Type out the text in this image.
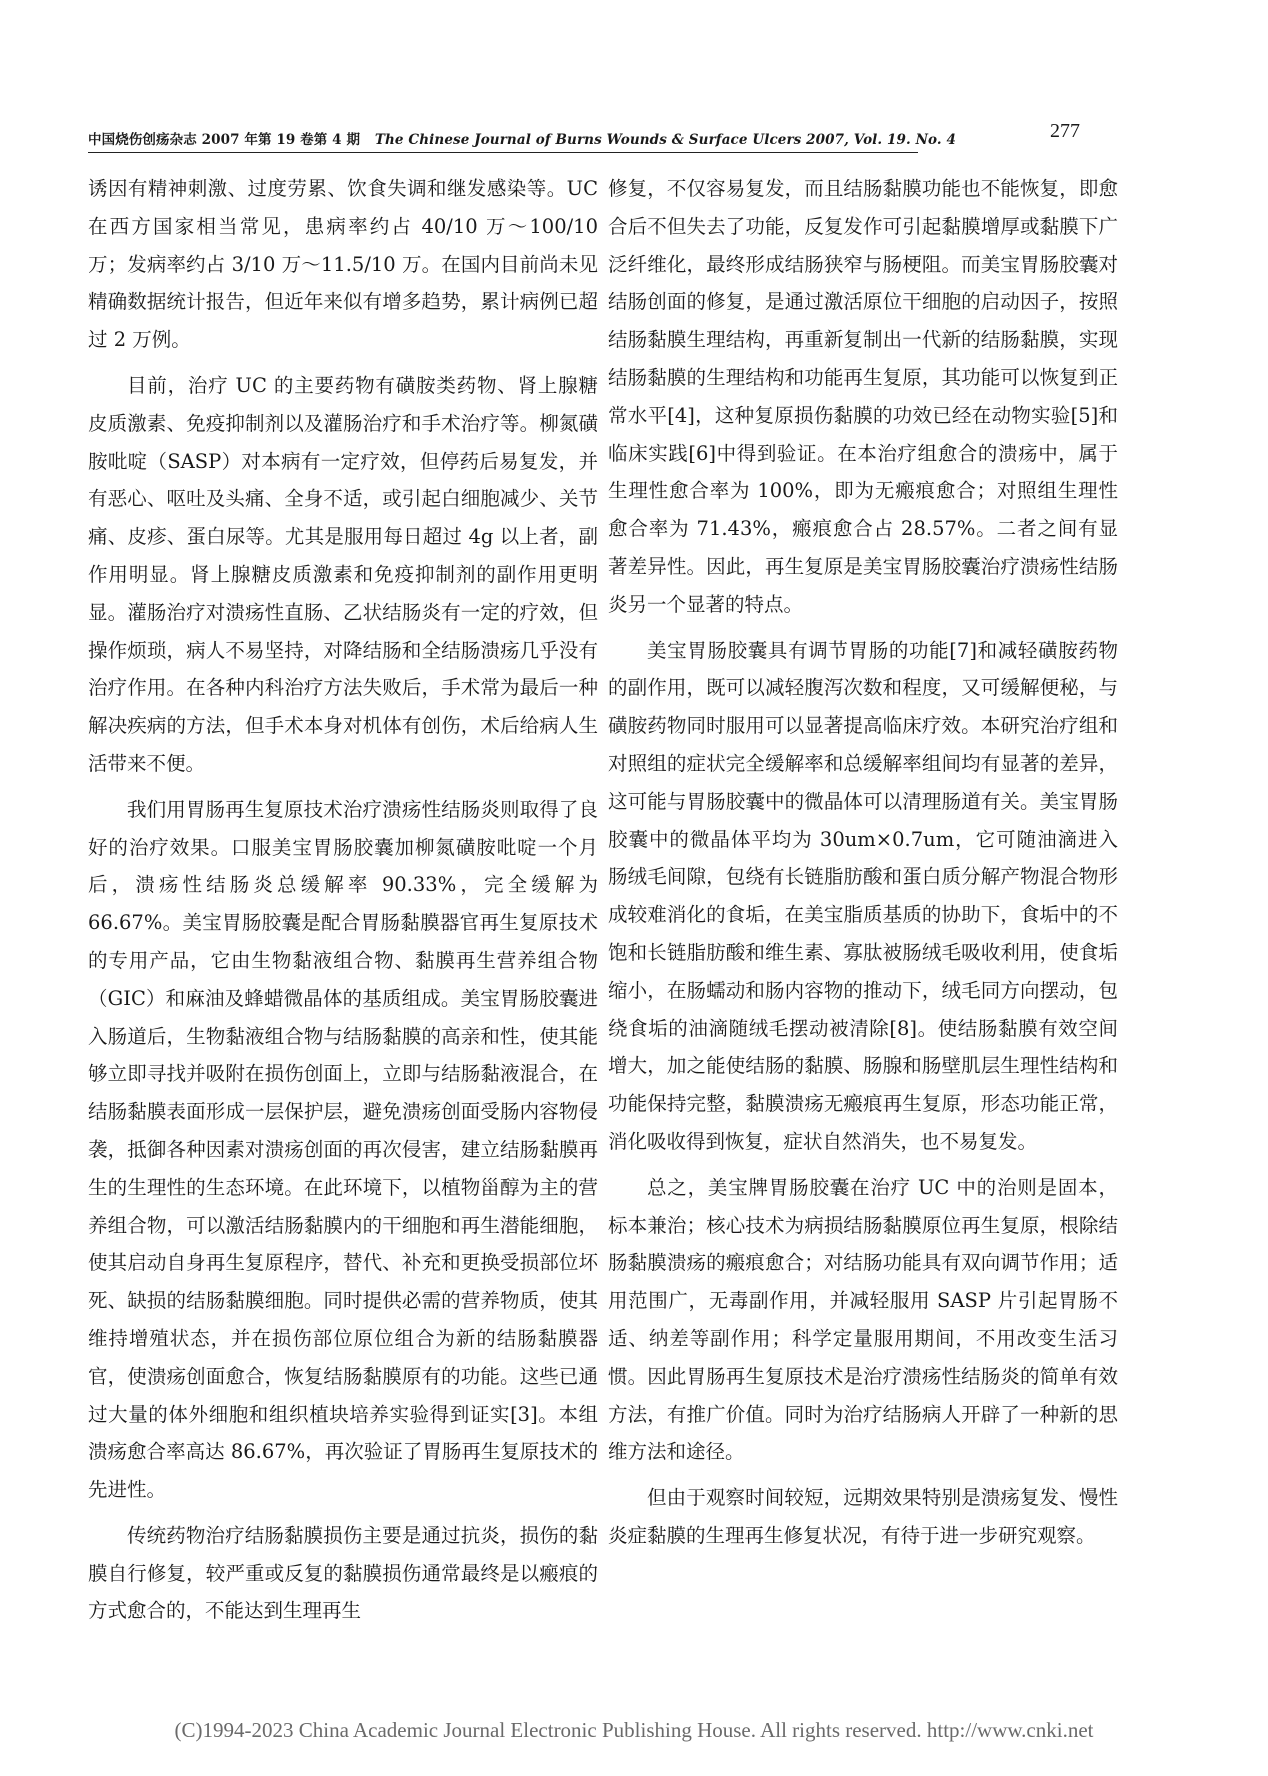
中国烧伤创疡杂志 2007 年第 19 卷第 4 期 The Chinese Journal of Burns Wounds & Surface Ulcers 2007, Vol. 19. No. 4	277

诱因有精神刺激、过度劳累、饮食失调和继发感染等。UC 在西方国家相当常见，患病率约占 40/10 万～100/10 万；发病率约占 3/10 万～11.5/10 万。在国内目前尚未见精确数据统计报告，但近年来似有增多趋势，累计病例已超过 2 万例。

目前，治疗 UC 的主要药物有磺胺类药物、肾上腺糖皮质激素、免疫抑制剂以及灌肠治疗和手术治疗等。柳氮磺胺吡啶（SASP）对本病有一定疗效，但停药后易复发，并有恶心、呕吐及头痛、全身不适，或引起白细胞减少、关节痛、皮疹、蛋白尿等。尤其是服用每日超过 4g 以上者，副作用明显。肾上腺糖皮质激素和免疫抑制剂的副作用更明显。灌肠治疗对溃疡性直肠、乙状结肠炎有一定的疗效，但操作烦琐，病人不易坚持，对降结肠和全结肠溃疡几乎没有治疗作用。在各种内科治疗方法失败后，手术常为最后一种解决疾病的方法，但手术本身对机体有创伤，术后给病人生活带来不便。

我们用胃肠再生复原技术治疗溃疡性结肠炎则取得了良好的治疗效果。口服美宝胃肠胶囊加柳氮磺胺吡啶一个月后，溃疡性结肠炎总缓解率 90.33%，完全缓解为 66.67%。美宝胃肠胶囊是配合胃肠黏膜器官再生复原技术的专用产品，它由生物黏液组合物、黏膜再生营养组合物（GIC）和麻油及蜂蜡微晶体的基质组成。美宝胃肠胶囊进入肠道后，生物黏液组合物与结肠黏膜的高亲和性，使其能够立即寻找并吸附在损伤创面上，立即与结肠黏液混合，在结肠黏膜表面形成一层保护层，避免溃疡创面受肠内容物侵袭，抵御各种因素对溃疡创面的再次侵害，建立结肠黏膜再生的生理性的生态环境。在此环境下，以植物甾醇为主的营养组合物，可以激活结肠黏膜内的干细胞和再生潜能细胞，使其启动自身再生复原程序，替代、补充和更换受损部位坏死、缺损的结肠黏膜细胞。同时提供必需的营养物质，使其维持增殖状态，并在损伤部位原位组合为新的结肠黏膜器官，使溃疡创面愈合，恢复结肠黏膜原有的功能。这些已通过大量的体外细胞和组织植块培养实验得到证实[3]。本组溃疡愈合率高达 86.67%，再次验证了胃肠再生复原技术的先进性。

传统药物治疗结肠黏膜损伤主要是通过抗炎，损伤的黏膜自行修复，较严重或反复的黏膜损伤通常最终是以瘢痕的方式愈合的，不能达到生理再生

修复，不仅容易复发，而且结肠黏膜功能也不能恢复，即愈合后不但失去了功能，反复发作可引起黏膜增厚或黏膜下广泛纤维化，最终形成结肠狭窄与肠梗阻。而美宝胃肠胶囊对结肠创面的修复，是通过激活原位干细胞的启动因子，按照结肠黏膜生理结构，再重新复制出一代新的结肠黏膜，实现结肠黏膜的生理结构和功能再生复原，其功能可以恢复到正常水平[4]，这种复原损伤黏膜的功效已经在动物实验[5]和临床实践[6]中得到验证。在本治疗组愈合的溃疡中，属于生理性愈合率为 100%，即为无瘢痕愈合；对照组生理性愈合率为 71.43%，瘢痕愈合占 28.57%。二者之间有显著差异性。因此，再生复原是美宝胃肠胶囊治疗溃疡性结肠炎另一个显著的特点。

美宝胃肠胶囊具有调节胃肠的功能[7]和减轻磺胺药物的副作用，既可以减轻腹泻次数和程度，又可缓解便秘，与磺胺药物同时服用可以显著提高临床疗效。本研究治疗组和对照组的症状完全缓解率和总缓解率组间均有显著的差异，这可能与胃肠胶囊中的微晶体可以清理肠道有关。美宝胃肠胶囊中的微晶体平均为 30um×0.7um，它可随油滴进入肠绒毛间隙，包绕有长链脂肪酸和蛋白质分解产物混合物形成较难消化的食垢，在美宝脂质基质的协助下，食垢中的不饱和长链脂肪酸和维生素、寡肽被肠绒毛吸收利用，使食垢缩小，在肠蠕动和肠内容物的推动下，绒毛同方向摆动，包绕食垢的油滴随绒毛摆动被清除[8]。使结肠黏膜有效空间增大，加之能使结肠的黏膜、肠腺和肠壁肌层生理性结构和功能保持完整，黏膜溃疡无瘢痕再生复原，形态功能正常，消化吸收得到恢复，症状自然消失，也不易复发。

总之，美宝牌胃肠胶囊在治疗 UC 中的治则是固本，标本兼治；核心技术为病损结肠黏膜原位再生复原，根除结肠黏膜溃疡的瘢痕愈合；对结肠功能具有双向调节作用；适用范围广，无毒副作用，并减轻服用 SASP 片引起胃肠不适、纳差等副作用；科学定量服用期间，不用改变生活习惯。因此胃肠再生复原技术是治疗溃疡性结肠炎的简单有效方法，有推广价值。同时为治疗结肠病人开辟了一种新的思维方法和途径。

但由于观察时间较短，远期效果特别是溃疡复发、慢性炎症黏膜的生理再生修复状况，有待于进一步研究观察。

(C)1994-2023 China Academic Journal Electronic Publishing House. All rights reserved. http://www.cnki.net
